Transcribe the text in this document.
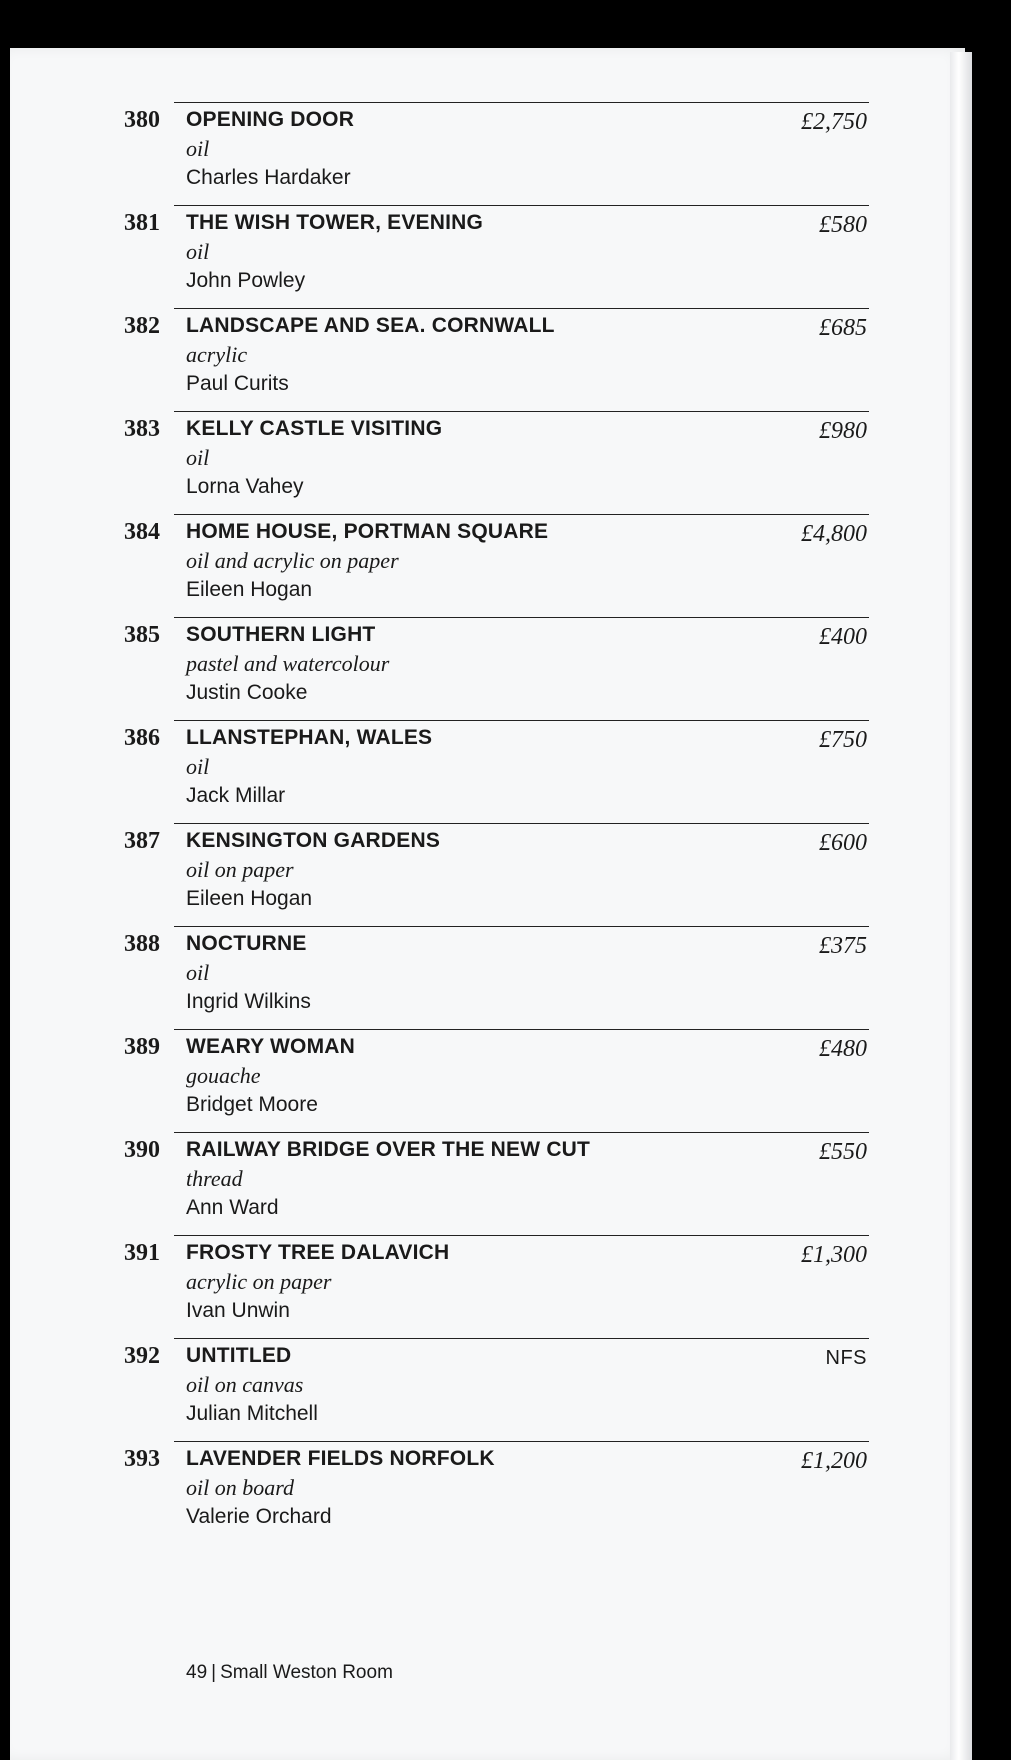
380	OPENING DOOR
oil
Charles Hardaker
£2,750
381	THE WISH TOWER, EVENING
oil
John Powley
£580
382	LANDSCAPE AND SEA. CORNWALL
acrylic
Paul Curits
£685
383	KELLY CASTLE VISITING
oil
Lorna Vahey
£980
384	HOME HOUSE, PORTMAN SQUARE
oil and acrylic on paper
Eileen Hogan
£4,800
385	SOUTHERN LIGHT
pastel and watercolour
Justin Cooke
£400
386	LLANSTEPHAN, WALES
oil
Jack Millar
£750
387	KENSINGTON GARDENS
oil on paper
Eileen Hogan
£600
388	NOCTURNE
oil
Ingrid Wilkins
£375
389	WEARY WOMAN
gouache
Bridget Moore
£480
390	RAILWAY BRIDGE OVER THE NEW CUT
thread
Ann Ward
£550
391	FROSTY TREE DALAVICH
acrylic on paper
Ivan Unwin
£1,300
392	UNTITLED
oil on canvas
Julian Mitchell
NFS
393	LAVENDER FIELDS NORFOLK
oil on board
Valerie Orchard
£1,200
49 | Small Weston Room
